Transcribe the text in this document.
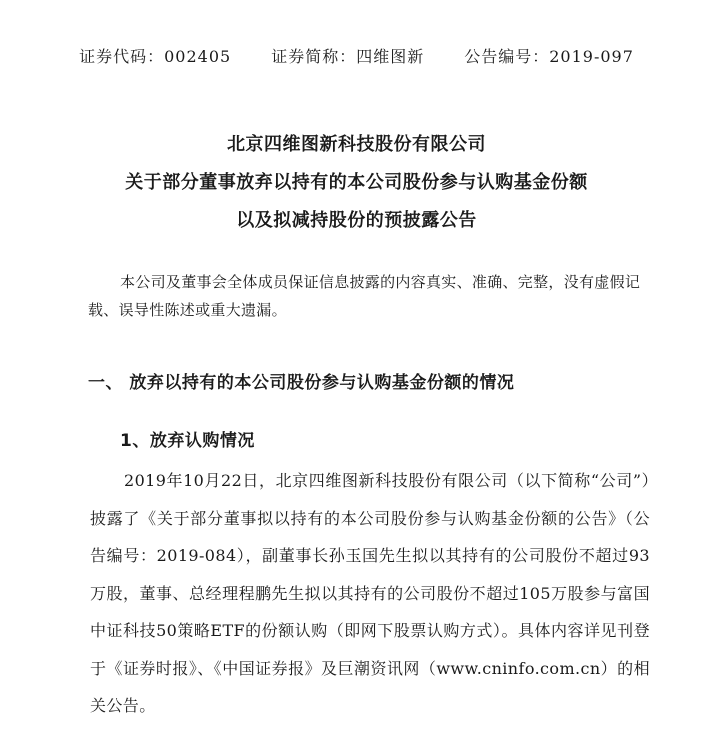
证券代码：002405	证券简称：四维图新	公告编号：2019-097

北京四维图新科技股份有限公司

关于部分董事放弃以持有的本公司股份参与认购基金份额

以及拟减持股份的预披露公告

本公司及董事会全体成员保证信息披露的内容真实、准确、完整，没有虚假记载、误导性陈述或重大遗漏。

一、 放弃以持有的本公司股份参与认购基金份额的情况

1、放弃认购情况

2019年10月22日，北京四维图新科技股份有限公司（以下简称“公司”）披露了《关于部分董事拟以持有的本公司股份参与认购基金份额的公告》（公告编号：2019-084），副董事长孙玉国先生拟以其持有的公司股份不超过93万股，董事、总经理程鹏先生拟以其持有的公司股份不超过105万股参与富国中证科技50策略ETF的份额认购（即网下股票认购方式）。具体内容详见刊登于《证券时报》、《中国证券报》及巨潮资讯网（www.cninfo.com.cn）的相关公告。
